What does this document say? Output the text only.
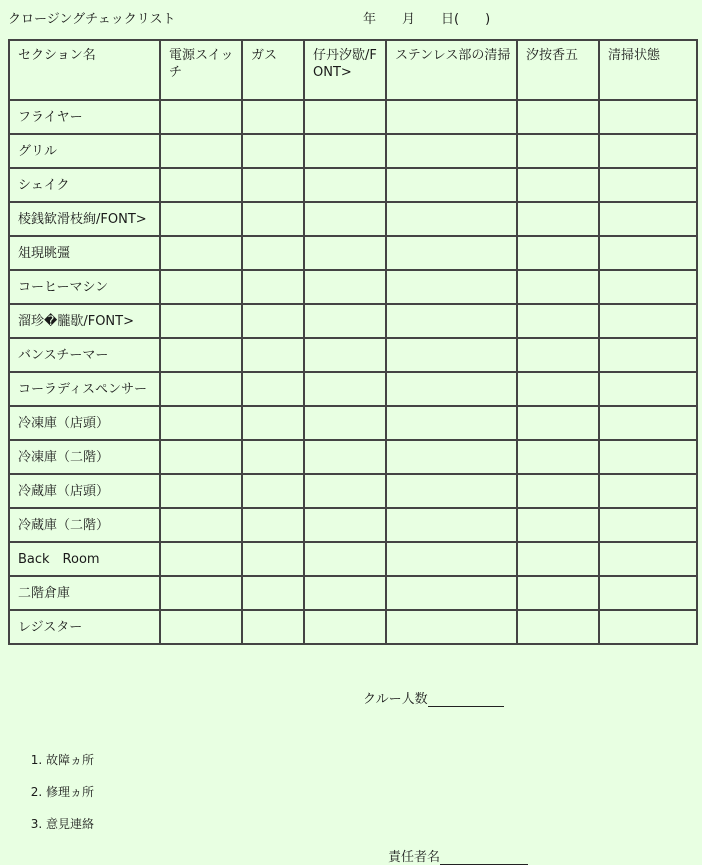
クロージングチェックリスト	年　　月　　日(　　)
セクション名	電源スイッチ	ガス	仔丹汐歇/FONT>	ステンレス部の清掃	汐按香五	清掃状態
フライヤー						
グリル						
シェイク						
棱銭歓滑枝絢/FONT>						
俎現眺彊						
コーヒーマシン						
溜珍�朧歇/FONT>						
バンスチーマー						
コーラディスペンサー						
冷凍庫（店頭）						
冷凍庫（二階）						
冷蔵庫（店頭）						
冷蔵庫（二階）						
Back　Room						
二階倉庫						
レジスター						
クルー人数
1. 故障ヵ所
2. 修理ヵ所
3. 意見連絡
責任者名
